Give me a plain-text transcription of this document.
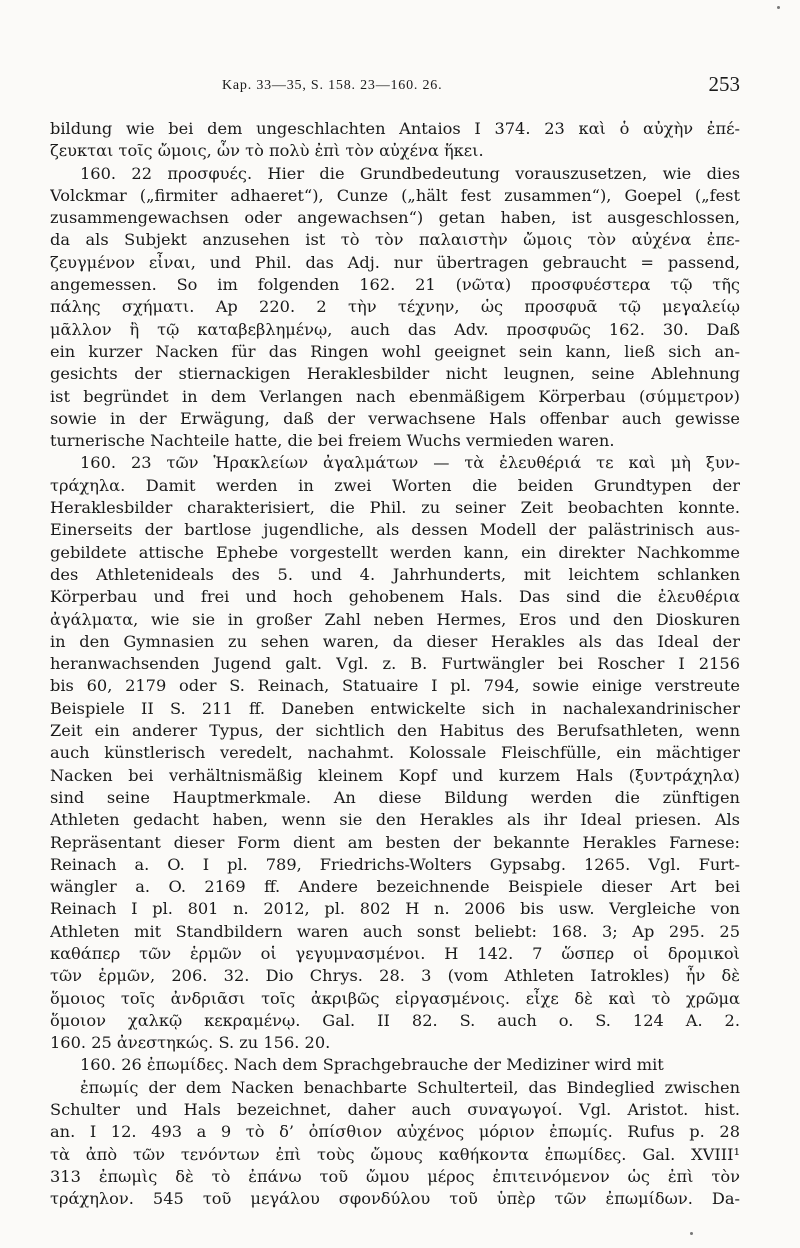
Kap. 33—35, S. 158. 23—160. 26.	253
bildung wie bei dem ungeschlachten Antaios I 374. 23 καὶ ὁ αὐχὴν ἐπέ-
ζευκται τοῖς ὤμοις, ὧν τὸ πολὺ ἐπὶ τὸν αὐχένα ἥκει.
160. 22 προσφυές. Hier die Grundbedeutung vorauszusetzen, wie dies
Volckmar („firmiter adhaeret“), Cunze („hält fest zusammen“), Goepel („fest
zusammengewachsen oder angewachsen“) getan haben, ist ausgeschlossen,
da als Subjekt anzusehen ist τὸ τὸν παλαιστὴν ὤμοις τὸν αὐχένα ἐπε-
ζευγμένον εἶναι, und Phil. das Adj. nur übertragen gebraucht = passend,
angemessen. So im folgenden 162. 21 (νῶτα) προσφυέστερα τῷ τῆς
πάλης σχήματι. Ap 220. 2 τὴν τέχνην, ὡς προσφυᾶ τῷ μεγαλείῳ
μᾶλλον ἢ τῷ καταβεβλημένῳ, auch das Adv. προσφυῶς 162. 30. Daß
ein kurzer Nacken für das Ringen wohl geeignet sein kann, ließ sich an-
gesichts der stiernackigen Heraklesbilder nicht leugnen, seine Ablehnung
ist begründet in dem Verlangen nach ebenmäßigem Körperbau (σύμμετρον)
sowie in der Erwägung, daß der verwachsene Hals offenbar auch gewisse
turnerische Nachteile hatte, die bei freiem Wuchs vermieden waren.
160. 23 τῶν Ἡρακλείων ἀγαλμάτων — τὰ ἐλευθέριά τε καὶ μὴ ξυν-
τράχηλα. Damit werden in zwei Worten die beiden Grundtypen der
Heraklesbilder charakterisiert, die Phil. zu seiner Zeit beobachten konnte.
Einerseits der bartlose jugendliche, als dessen Modell der palästrinisch aus-
gebildete attische Ephebe vorgestellt werden kann, ein direkter Nachkomme
des Athletenideals des 5. und 4. Jahrhunderts, mit leichtem schlanken
Körperbau und frei und hoch gehobenem Hals. Das sind die ἐλευθέρια
ἀγάλματα, wie sie in großer Zahl neben Hermes, Eros und den Dioskuren
in den Gymnasien zu sehen waren, da dieser Herakles als das Ideal der
heranwachsenden Jugend galt. Vgl. z. B. Furtwängler bei Roscher I 2156
bis 60, 2179 oder S. Reinach, Statuaire I pl. 794, sowie einige verstreute
Beispiele II S. 211 ff. Daneben entwickelte sich in nachalexandrinischer
Zeit ein anderer Typus, der sichtlich den Habitus des Berufsathleten, wenn
auch künstlerisch veredelt, nachahmt. Kolossale Fleischfülle, ein mächtiger
Nacken bei verhältnismäßig kleinem Kopf und kurzem Hals (ξυντράχηλα)
sind seine Hauptmerkmale. An diese Bildung werden die zünftigen
Athleten gedacht haben, wenn sie den Herakles als ihr Ideal priesen. Als
Repräsentant dieser Form dient am besten der bekannte Herakles Farnese:
Reinach a. O. I pl. 789, Friedrichs-Wolters Gypsabg. 1265. Vgl. Furt-
wängler a. O. 2169 ff. Andere bezeichnende Beispiele dieser Art bei
Reinach I pl. 801 n. 2012, pl. 802 H n. 2006 bis usw. Vergleiche von
Athleten mit Standbildern waren auch sonst beliebt: 168. 3; Ap 295. 25
καθάπερ τῶν ἑρμῶν οἱ γεγυμνασμένοι. H 142. 7 ὥσπερ οἱ δρομικοὶ
τῶν ἑρμῶν, 206. 32. Dio Chrys. 28. 3 (vom Athleten Iatrokles) ἦν δὲ
ὅμοιος τοῖς ἀνδριᾶσι τοῖς ἀκριβῶς εἰργασμένοις. εἶχε δὲ καὶ τὸ χρῶμα
ὅμοιον χαλκῷ κεκραμένῳ. Gal. II 82. S. auch o. S. 124 A. 2.
160. 25 ἀνεστηκώς. S. zu 156. 20.
160. 26 ἐπωμίδες. Nach dem Sprachgebrauche der Mediziner wird mit
ἐπωμίς der dem Nacken benachbarte Schulterteil, das Bindeglied zwischen
Schulter und Hals bezeichnet, daher auch συναγωγοί. Vgl. Aristot. hist.
an. I 12. 493 a 9 τὸ δ’ ὀπίσθιον αὐχένος μόριον ἐπωμίς. Rufus p. 28
τὰ ἀπὸ τῶν τενόντων ἐπὶ τοὺς ὤμους καθήκοντα ἐπωμίδες. Gal. XVIII¹
313 ἐπωμὶς δὲ τὸ ἐπάνω τοῦ ὤμου μέρος ἐπιτεινόμενον ὡς ἐπὶ τὸν
τράχηλον. 545 τοῦ μεγάλου σφονδύλου τοῦ ὑπὲρ τῶν ἐπωμίδων. Da-
